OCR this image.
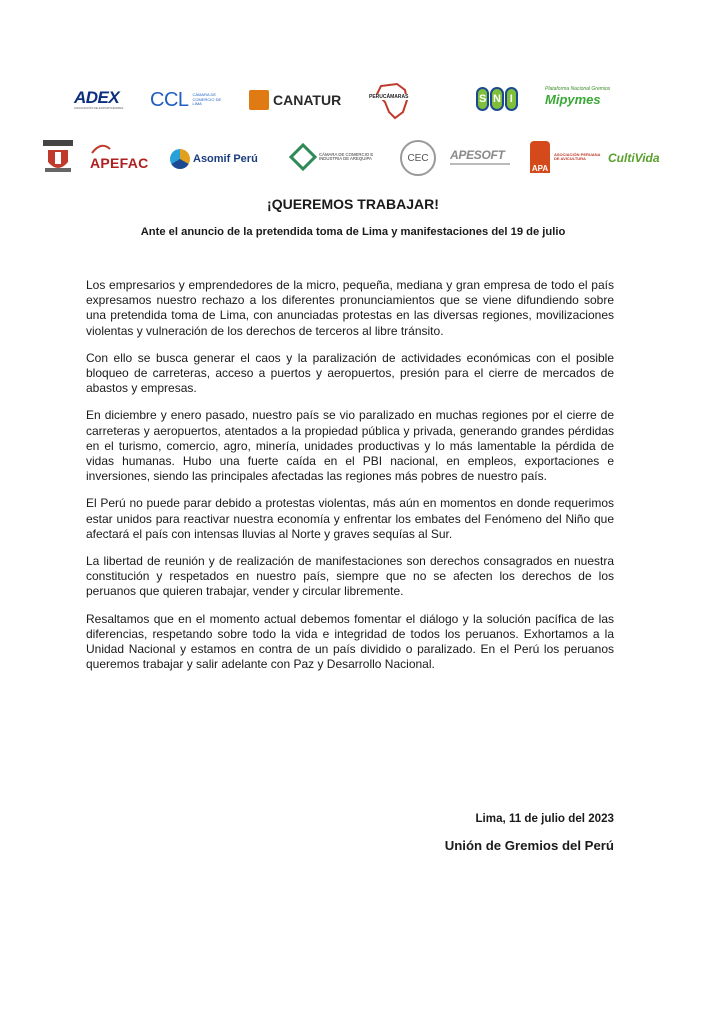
ADEX
ASOCIACIÓN DE EXPORTADORES CCL CÁMARA DE COMERCIO DE LIMA	CANATUR	PERUCÁMARAS	S N I
Plataforma Nacional Gremios
Mipymes
APEFAC	Asomif Perú	CÁMARA DE COMERCIO E INDUSTRIA DE AREQUIPA	CEC	APESOFT
APA
ASOCIACIÓN PERUANA DE AVICULTURA	CultiVida
¡QUEREMOS TRABAJAR!
Ante el anuncio de la pretendida toma de Lima y manifestaciones del 19 de julio

Los empresarios y emprendedores de la micro, pequeña, mediana y gran empresa de todo el país expresamos nuestro rechazo a los diferentes pronunciamientos que se viene difundiendo sobre una pretendida toma de Lima, con anunciadas protestas en las diversas regiones, movilizaciones violentas y vulneración de los derechos de terceros al libre tránsito.

Con ello se busca generar el caos y la paralización de actividades económicas con el posible bloqueo de carreteras, acceso a puertos y aeropuertos, presión para el cierre de mercados de abastos y empresas.

En diciembre y enero pasado, nuestro país se vio paralizado en muchas regiones por el cierre de carreteras y aeropuertos, atentados a la propiedad pública y privada, generando grandes pérdidas en el turismo, comercio, agro, minería, unidades productivas y lo más lamentable la pérdida de vidas humanas. Hubo una fuerte caída en el PBI nacional, en empleos, exportaciones e inversiones, siendo las principales afectadas las regiones más pobres de nuestro país.

El Perú no puede parar debido a protestas violentas, más aún en momentos en donde requerimos estar unidos para reactivar nuestra economía y enfrentar los embates del Fenómeno del Niño que afectará el país con intensas lluvias al Norte y graves sequías al Sur.

La libertad de reunión y de realización de manifestaciones son derechos consagrados en nuestra constitución y respetados en nuestro país, siempre que no se afecten los derechos de los peruanos que quieren trabajar, vender y circular libremente.

Resaltamos que en el momento actual debemos fomentar el diálogo y la solución pacífica de las diferencias, respetando sobre todo la vida e integridad de todos los peruanos. Exhortamos a la Unidad Nacional y estamos en contra de un país dividido o paralizado. En el Perú los peruanos queremos trabajar y salir adelante con Paz y Desarrollo Nacional.

Lima, 11 de julio del 2023
Unión de Gremios del Perú
